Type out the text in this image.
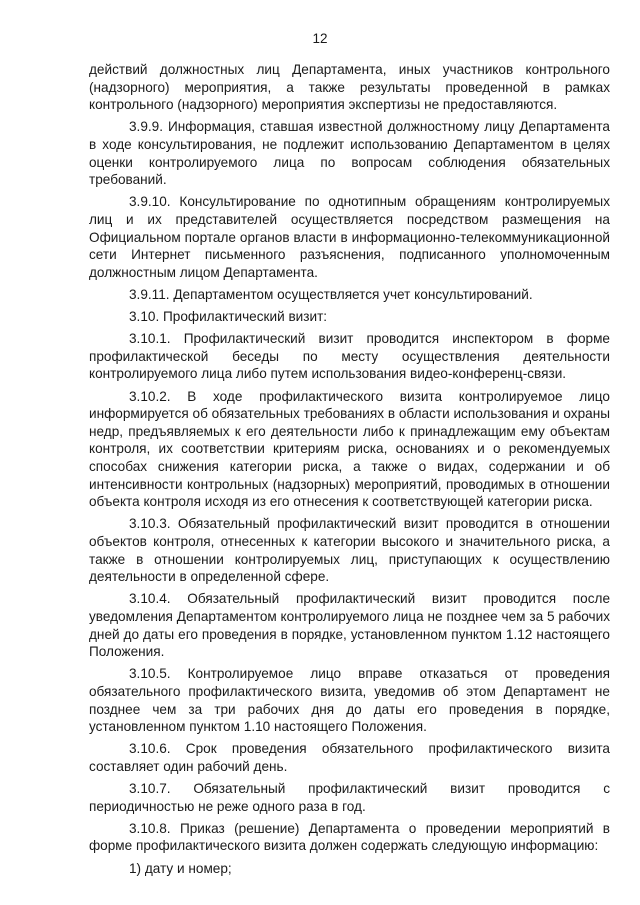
12

действий должностных лиц Департамента, иных участников контрольного (надзорного) мероприятия, а также результаты проведенной в рамках контрольного (надзорного) мероприятия экспертизы не предоставляются.

3.9.9. Информация, ставшая известной должностному лицу Департамента в ходе консультирования, не подлежит использованию Департаментом в целях оценки контролируемого лица по вопросам соблюдения обязательных требований.

3.9.10. Консультирование по однотипным обращениям контролируемых лиц и их представителей осуществляется посредством размещения на Официальном портале органов власти в информационно-телекоммуникационной сети Интернет письменного разъяснения, подписанного уполномоченным должностным лицом Департамента.

3.9.11. Департаментом осуществляется учет консультирований.

3.10. Профилактический визит:

3.10.1. Профилактический визит проводится инспектором в форме профилактической беседы по месту осуществления деятельности контролируемого лица либо путем использования видео-конференц-связи.

3.10.2. В ходе профилактического визита контролируемое лицо информируется об обязательных требованиях в области использования и охраны недр, предъявляемых к его деятельности либо к принадлежащим ему объектам контроля, их соответствии критериям риска, основаниях и о рекомендуемых способах снижения категории риска, а также о видах, содержании и об интенсивности контрольных (надзорных) мероприятий, проводимых в отношении объекта контроля исходя из его отнесения к соответствующей категории риска.

3.10.3. Обязательный профилактический визит проводится в отношении объектов контроля, отнесенных к категории высокого и значительного риска, а также в отношении контролируемых лиц, приступающих к осуществлению деятельности в определенной сфере.

3.10.4. Обязательный профилактический визит проводится после уведомления Департаментом контролируемого лица не позднее чем за 5 рабочих дней до даты его проведения в порядке, установленном пунктом 1.12 настоящего Положения.

3.10.5. Контролируемое лицо вправе отказаться от проведения обязательного профилактического визита, уведомив об этом Департамент не позднее чем за три рабочих дня до даты его проведения в порядке, установленном пунктом 1.10 настоящего Положения.

3.10.6. Срок проведения обязательного профилактического визита составляет один рабочий день.

3.10.7. Обязательный профилактический визит проводится с периодичностью не реже одного раза в год.

3.10.8. Приказ (решение) Департамента о проведении мероприятий в форме профилактического визита должен содержать следующую информацию:

1) дату и номер;
